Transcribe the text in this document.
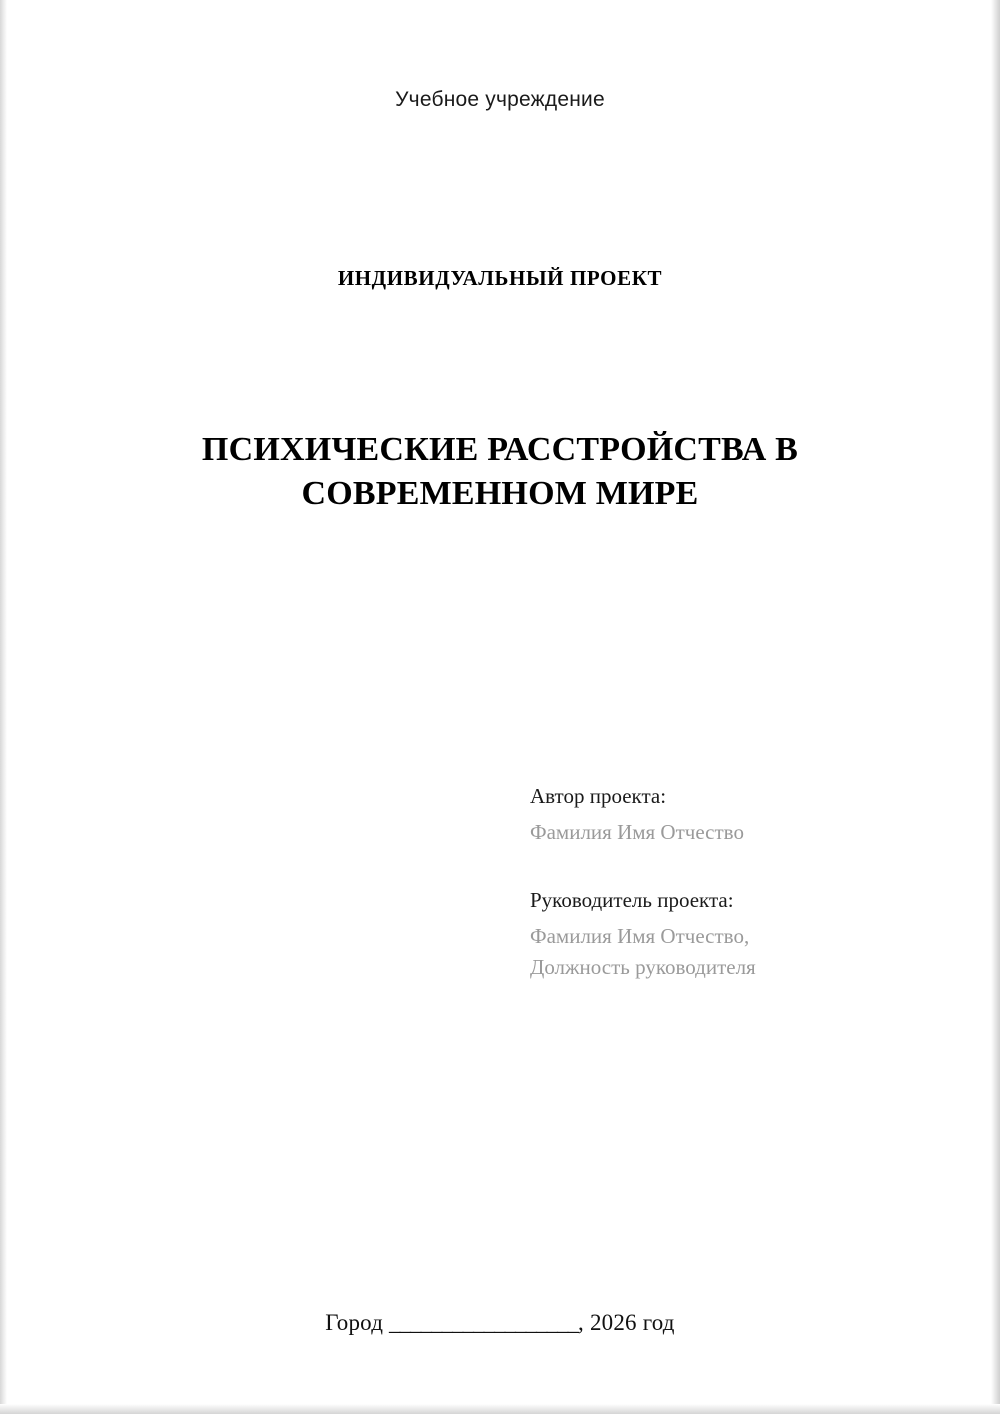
Учебное учреждение
ИНДИВИДУАЛЬНЫЙ ПРОЕКТ
ПСИХИЧЕСКИЕ РАССТРОЙСТВА В СОВРЕМЕННОМ МИРЕ

Автор проекта:

Фамилия Имя Отчество

Руководитель проекта:

Фамилия Имя Отчество,

Должность руководителя

Город __________________, 2026 год
